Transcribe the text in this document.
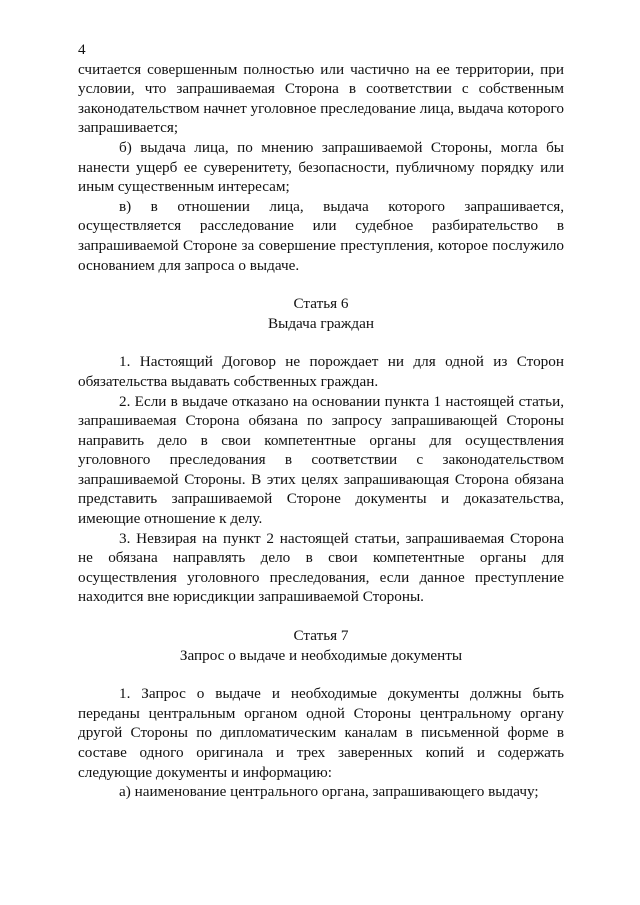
4

считается совершенным полностью или частично на ее территории, при условии, что запрашиваемая Сторона в соответствии с собственным законодательством начнет уголовное преследование лица, выдача которого запрашивается;

б) выдача лица, по мнению запрашиваемой Стороны, могла бы нанести ущерб ее суверенитету, безопасности, публичному порядку или иным существенным интересам;

в) в отношении лица, выдача которого запрашивается, осуществляется расследование или судебное разбирательство в запрашиваемой Стороне за совершение преступления, которое послужило основанием для запроса о выдаче.

Статья 6

Выдача граждан

1. Настоящий Договор не порождает ни для одной из Сторон обязательства выдавать собственных граждан.

2. Если в выдаче отказано на основании пункта 1 настоящей статьи, запрашиваемая Сторона обязана по запросу запрашивающей Стороны направить дело в свои компетентные органы для осуществления уголовного преследования в соответствии с законодательством запрашиваемой Стороны. В этих целях запрашивающая Сторона обязана представить запрашиваемой Стороне документы и доказательства, имеющие отношение к делу.

3. Невзирая на пункт 2 настоящей статьи, запрашиваемая Сторона не обязана направлять дело в свои компетентные органы для осуществления уголовного преследования, если данное преступление находится вне юрисдикции запрашиваемой Стороны.

Статья 7

Запрос о выдаче и необходимые документы

1. Запрос о выдаче и необходимые документы должны быть переданы центральным органом одной Стороны центральному органу другой Стороны по дипломатическим каналам в письменной форме в составе одного оригинала и трех заверенных копий и содержать следующие документы и информацию:

а) наименование центрального органа, запрашивающего выдачу;
